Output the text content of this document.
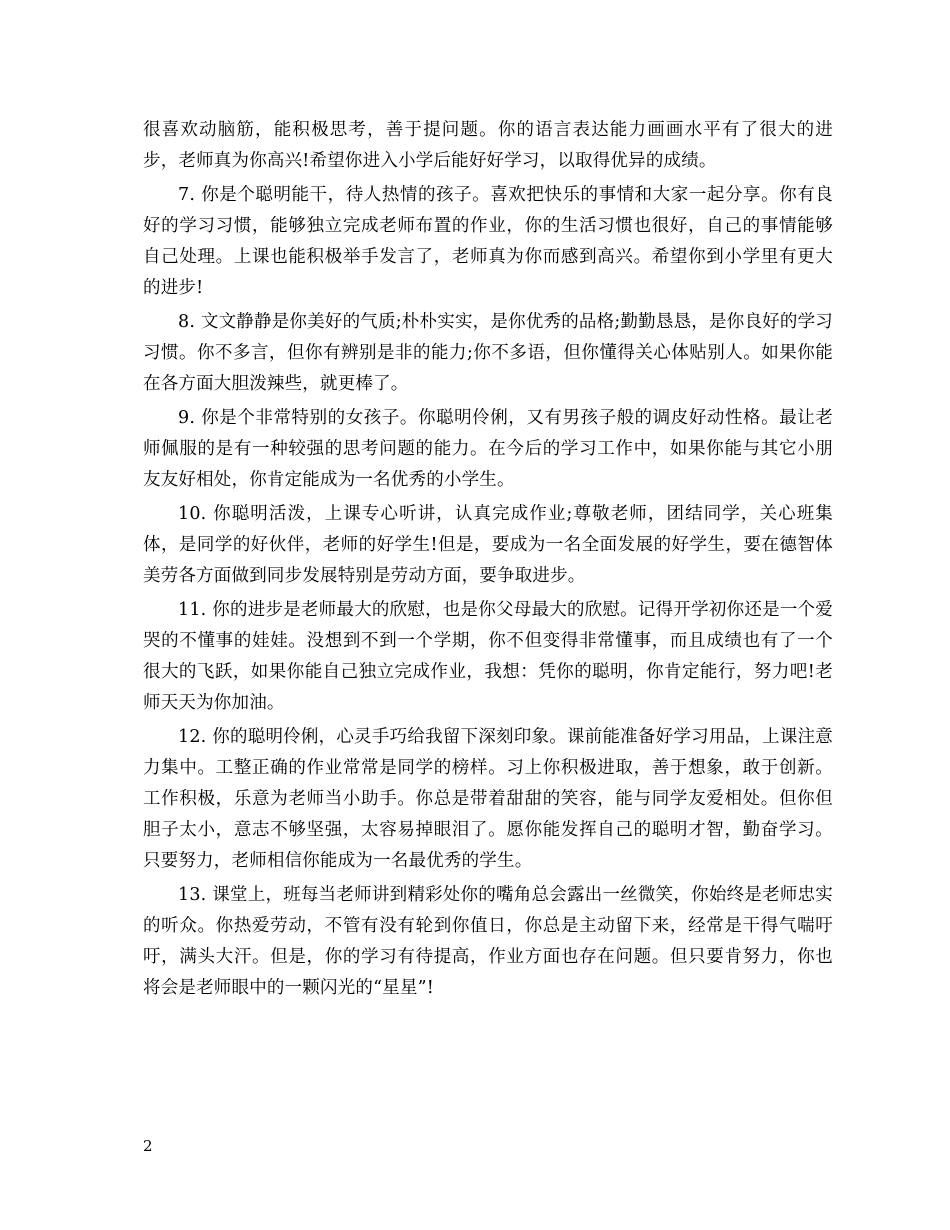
很喜欢动脑筋，能积极思考，善于提问题。你的语言表达能力画画水平有了很大的进步，老师真为你高兴!希望你进入小学后能好好学习，以取得优异的成绩。

7. 你是个聪明能干，待人热情的孩子。喜欢把快乐的事情和大家一起分享。你有良好的学习习惯，能够独立完成老师布置的作业，你的生活习惯也很好，自己的事情能够自己处理。上课也能积极举手发言了，老师真为你而感到高兴。希望你到小学里有更大的进步!

8. 文文静静是你美好的气质;朴朴实实，是你优秀的品格;勤勤恳恳，是你良好的学习习惯。你不多言，但你有辨别是非的能力;你不多语，但你懂得关心体贴别人。如果你能在各方面大胆泼辣些，就更棒了。

9. 你是个非常特别的女孩子。你聪明伶俐，又有男孩子般的调皮好动性格。最让老师佩服的是有一种较强的思考问题的能力。在今后的学习工作中，如果你能与其它小朋友友好相处，你肯定能成为一名优秀的小学生。

10. 你聪明活泼，上课专心听讲，认真完成作业;尊敬老师，团结同学，关心班集体，是同学的好伙伴，老师的好学生!但是，要成为一名全面发展的好学生，要在德智体美劳各方面做到同步发展特别是劳动方面，要争取进步。

11. 你的进步是老师最大的欣慰，也是你父母最大的欣慰。记得开学初你还是一个爱哭的不懂事的娃娃。没想到不到一个学期，你不但变得非常懂事，而且成绩也有了一个很大的飞跃，如果你能自己独立完成作业，我想：凭你的聪明，你肯定能行，努力吧!老师天天为你加油。

12. 你的聪明伶俐，心灵手巧给我留下深刻印象。课前能准备好学习用品，上课注意力集中。工整正确的作业常常是同学的榜样。习上你积极进取，善于想象，敢于创新。工作积极，乐意为老师当小助手。你总是带着甜甜的笑容，能与同学友爱相处。但你但胆子太小，意志不够坚强，太容易掉眼泪了。愿你能发挥自己的聪明才智，勤奋学习。只要努力，老师相信你能成为一名最优秀的学生。

13. 课堂上，班每当老师讲到精彩处你的嘴角总会露出一丝微笑，你始终是老师忠实的听众。你热爱劳动，不管有没有轮到你值日，你总是主动留下来，经常是干得气喘吁吁，满头大汗。但是，你的学习有待提高，作业方面也存在问题。但只要肯努力，你也将会是老师眼中的一颗闪光的“星星”!

2
